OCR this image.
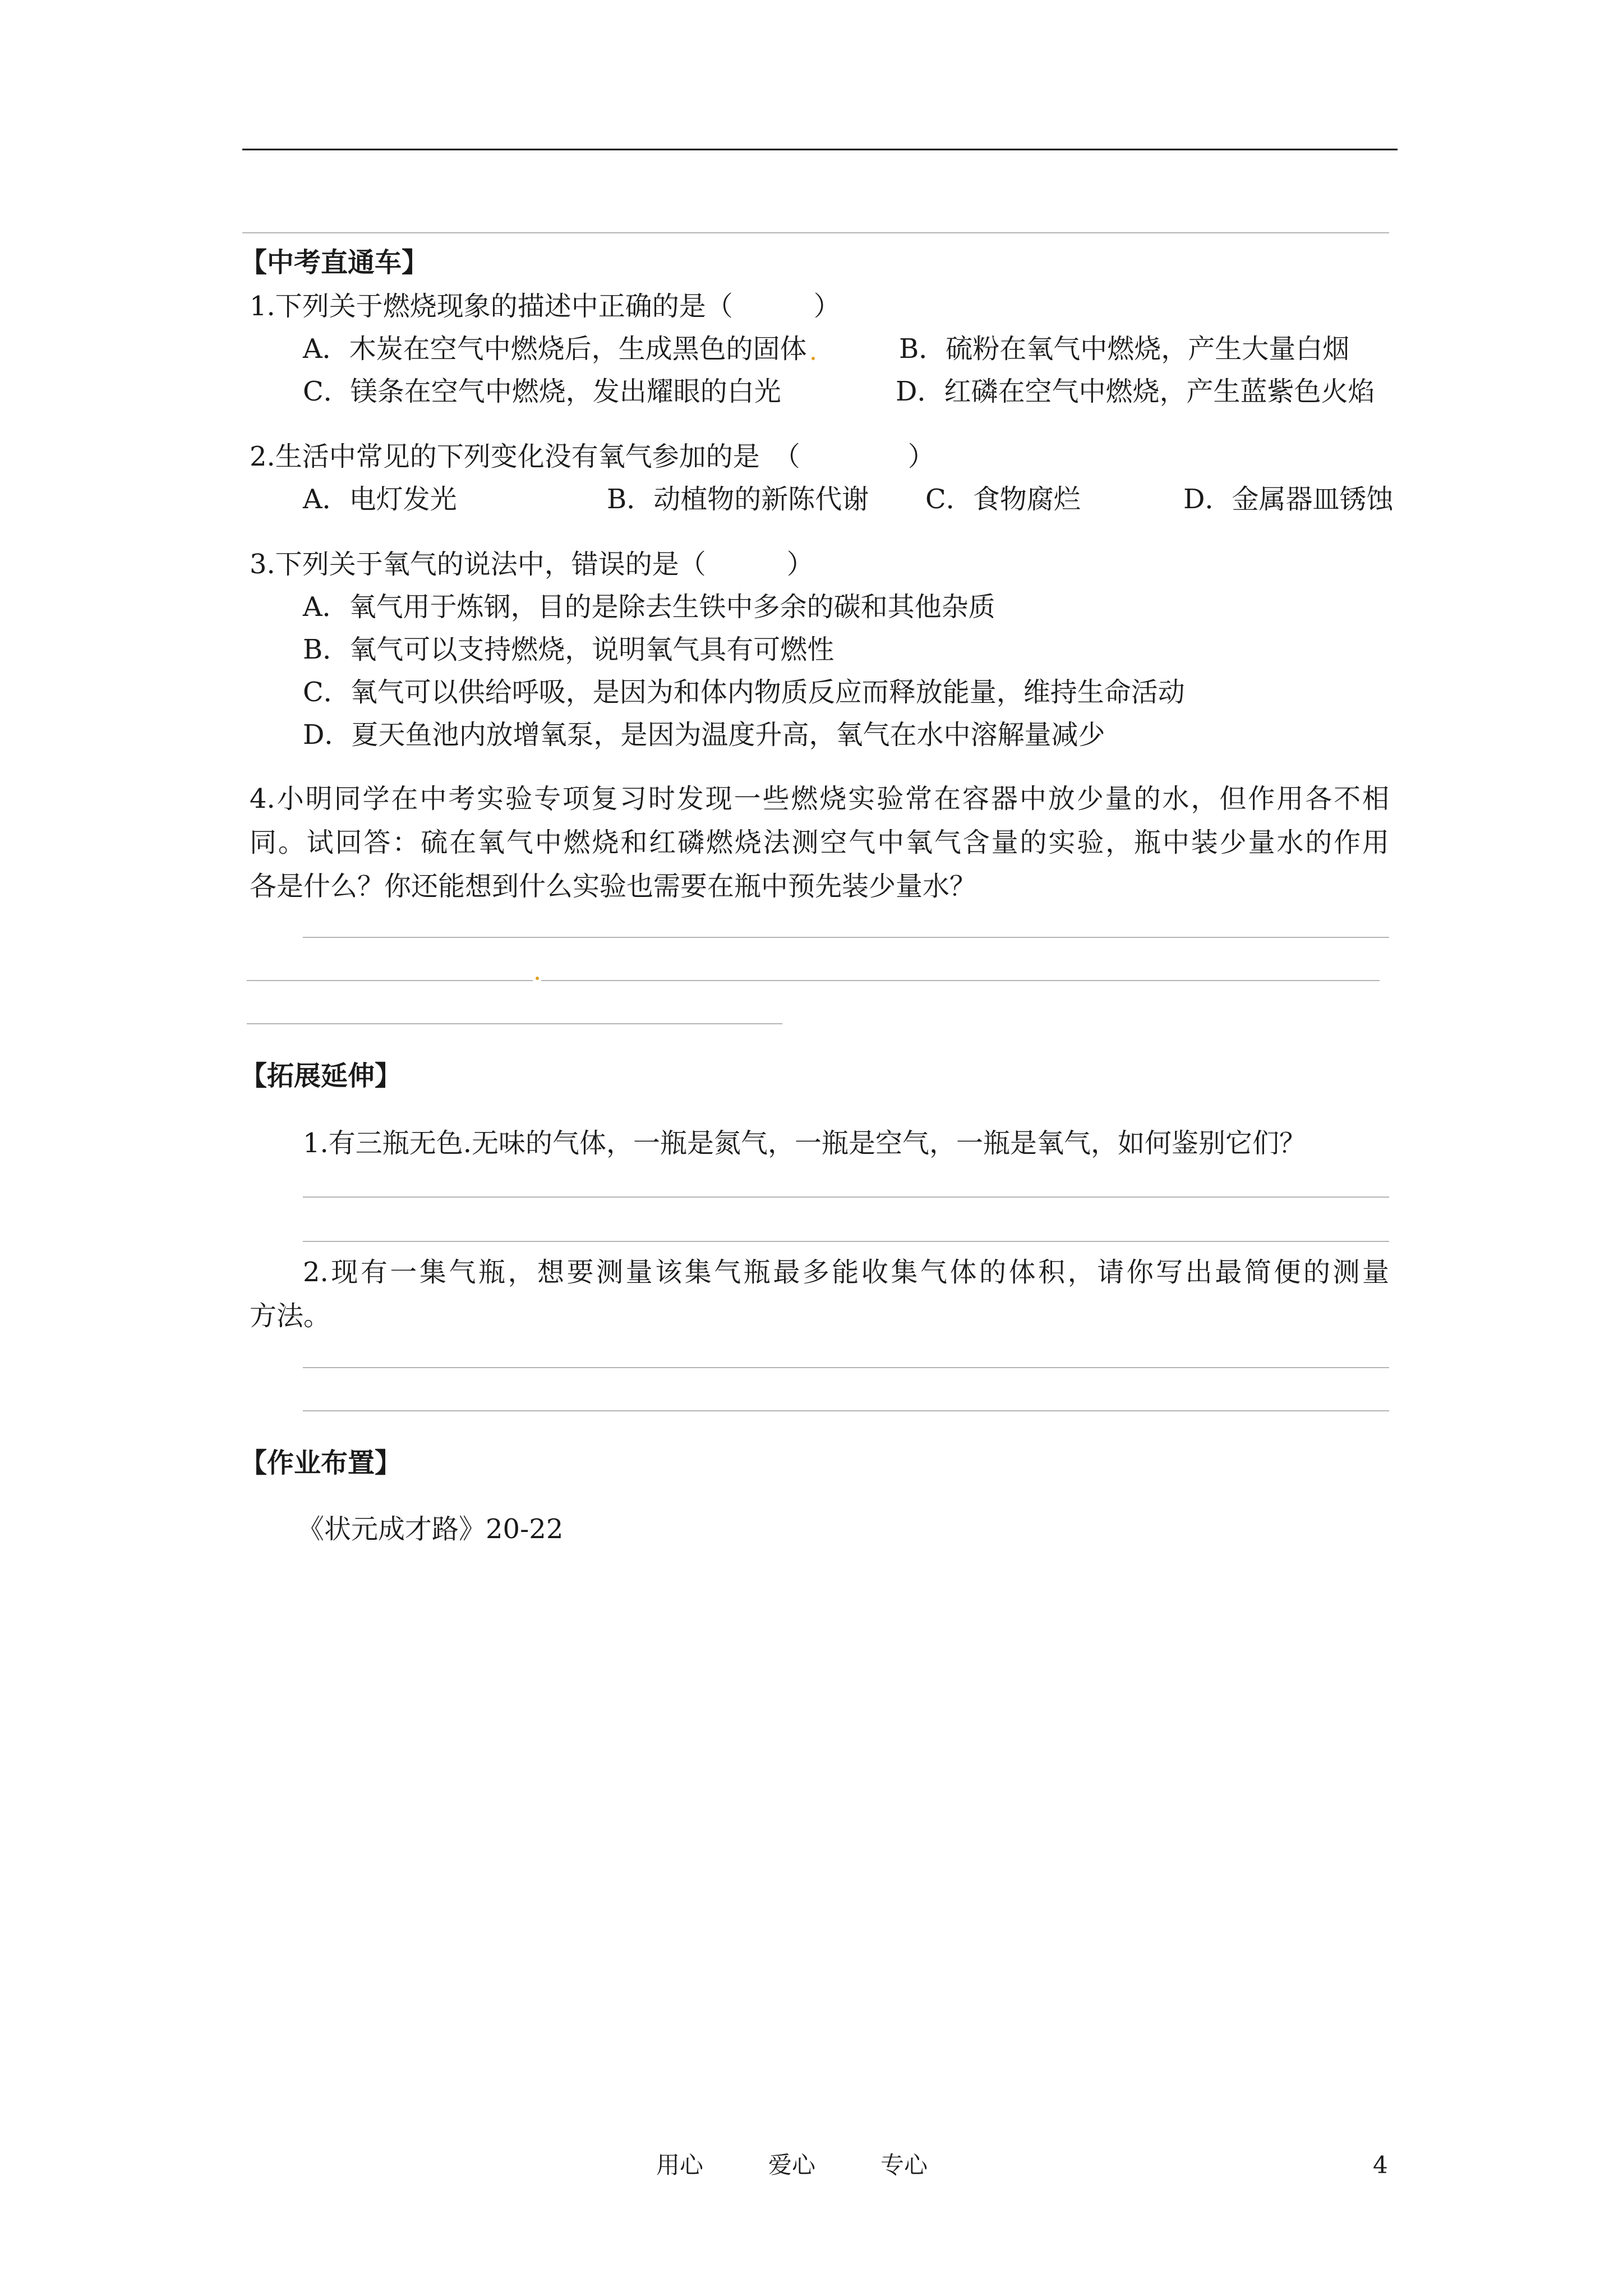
【中考直通车】
1.下列关于燃烧现象的描述中正确的是（　　　）
A．木炭在空气中燃烧后，生成黑色的固体	B．硫粉在氧气中燃烧，产生大量白烟
C．镁条在空气中燃烧，发出耀眼的白光	D．红磷在空气中燃烧，产生蓝紫色火焰
2.生活中常见的下列变化没有氧气参加的是　（　　　　）
A．电灯发光	B．动植物的新陈代谢 C．食物腐烂	D．金属器皿锈蚀
3.下列关于氧气的说法中，错误的是（　　　）
A．氧气用于炼钢，目的是除去生铁中多余的碳和其他杂质
B．氧气可以支持燃烧，说明氧气具有可燃性
C．氧气可以供给呼吸，是因为和体内物质反应而释放能量，维持生命活动
D．夏天鱼池内放增氧泵，是因为温度升高，氧气在水中溶解量减少
4.小明同学在中考实验专项复习时发现一些燃烧实验常在容器中放少量的水，但作用各不相
同。试回答：硫在氧气中燃烧和红磷燃烧法测空气中氧气含量的实验，瓶中装少量水的作用
各是什么？你还能想到什么实验也需要在瓶中预先装少量水？
【拓展延伸】
1.有三瓶无色.无味的气体，一瓶是氮气，一瓶是空气，一瓶是氧气，如何鉴别它们？
2.现有一集气瓶，想要测量该集气瓶最多能收集气体的体积，请你写出最简便的测量
方法。
【作业布置】
《状元成才路》20-22
用心	爱心	专心	4
